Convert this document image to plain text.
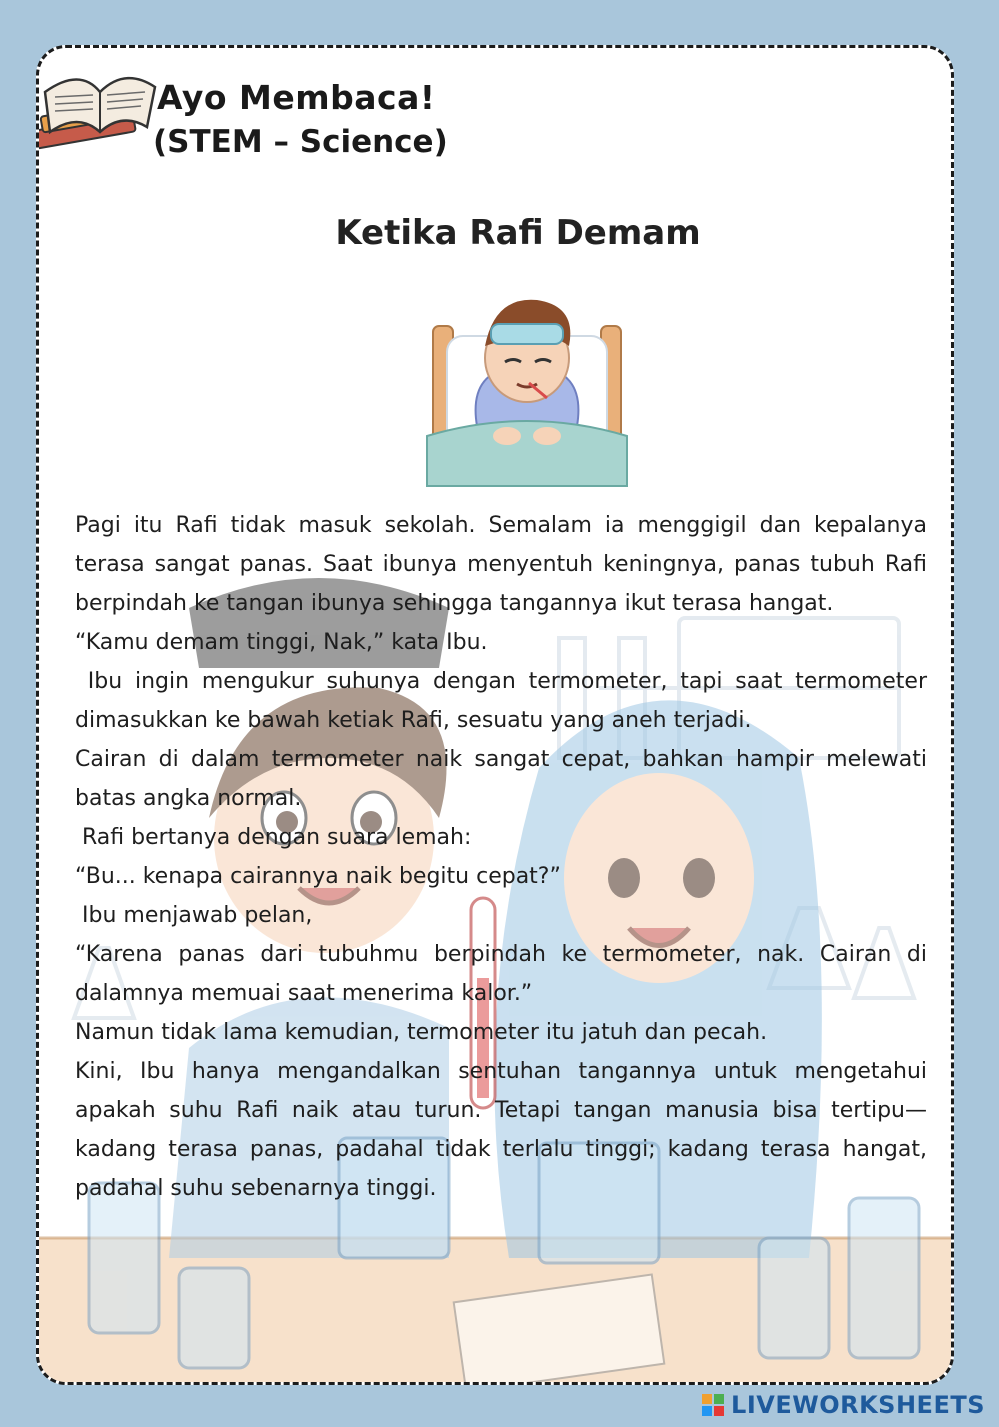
Ayo Membaca!
(STEM – Science)
Ketika Rafi Demam

Pagi itu Rafi tidak masuk sekolah. Semalam ia menggigil dan kepalanya terasa sangat panas. Saat ibunya menyentuh keningnya, panas tubuh Rafi berpindah ke tangan ibunya sehingga tangannya ikut terasa hangat.

“Kamu demam tinggi, Nak,” kata Ibu.

Ibu ingin mengukur suhunya dengan termometer, tapi saat termometer dimasukkan ke bawah ketiak Rafi, sesuatu yang aneh terjadi.

Cairan di dalam termometer naik sangat cepat, bahkan hampir melewati batas angka normal.

Rafi bertanya dengan suara lemah:

“Bu... kenapa cairannya naik begitu cepat?”

Ibu menjawab pelan,

“Karena panas dari tubuhmu berpindah ke termometer, nak. Cairan di dalamnya memuai saat menerima kalor.”

Namun tidak lama kemudian, termometer itu jatuh dan pecah.

Kini, Ibu hanya mengandalkan sentuhan tangannya untuk mengetahui apakah suhu Rafi naik atau turun. Tetapi tangan manusia bisa tertipu—kadang terasa panas, padahal tidak terlalu tinggi; kadang terasa hangat, padahal suhu sebenarnya tinggi.

LIVEWORKSHEETS
